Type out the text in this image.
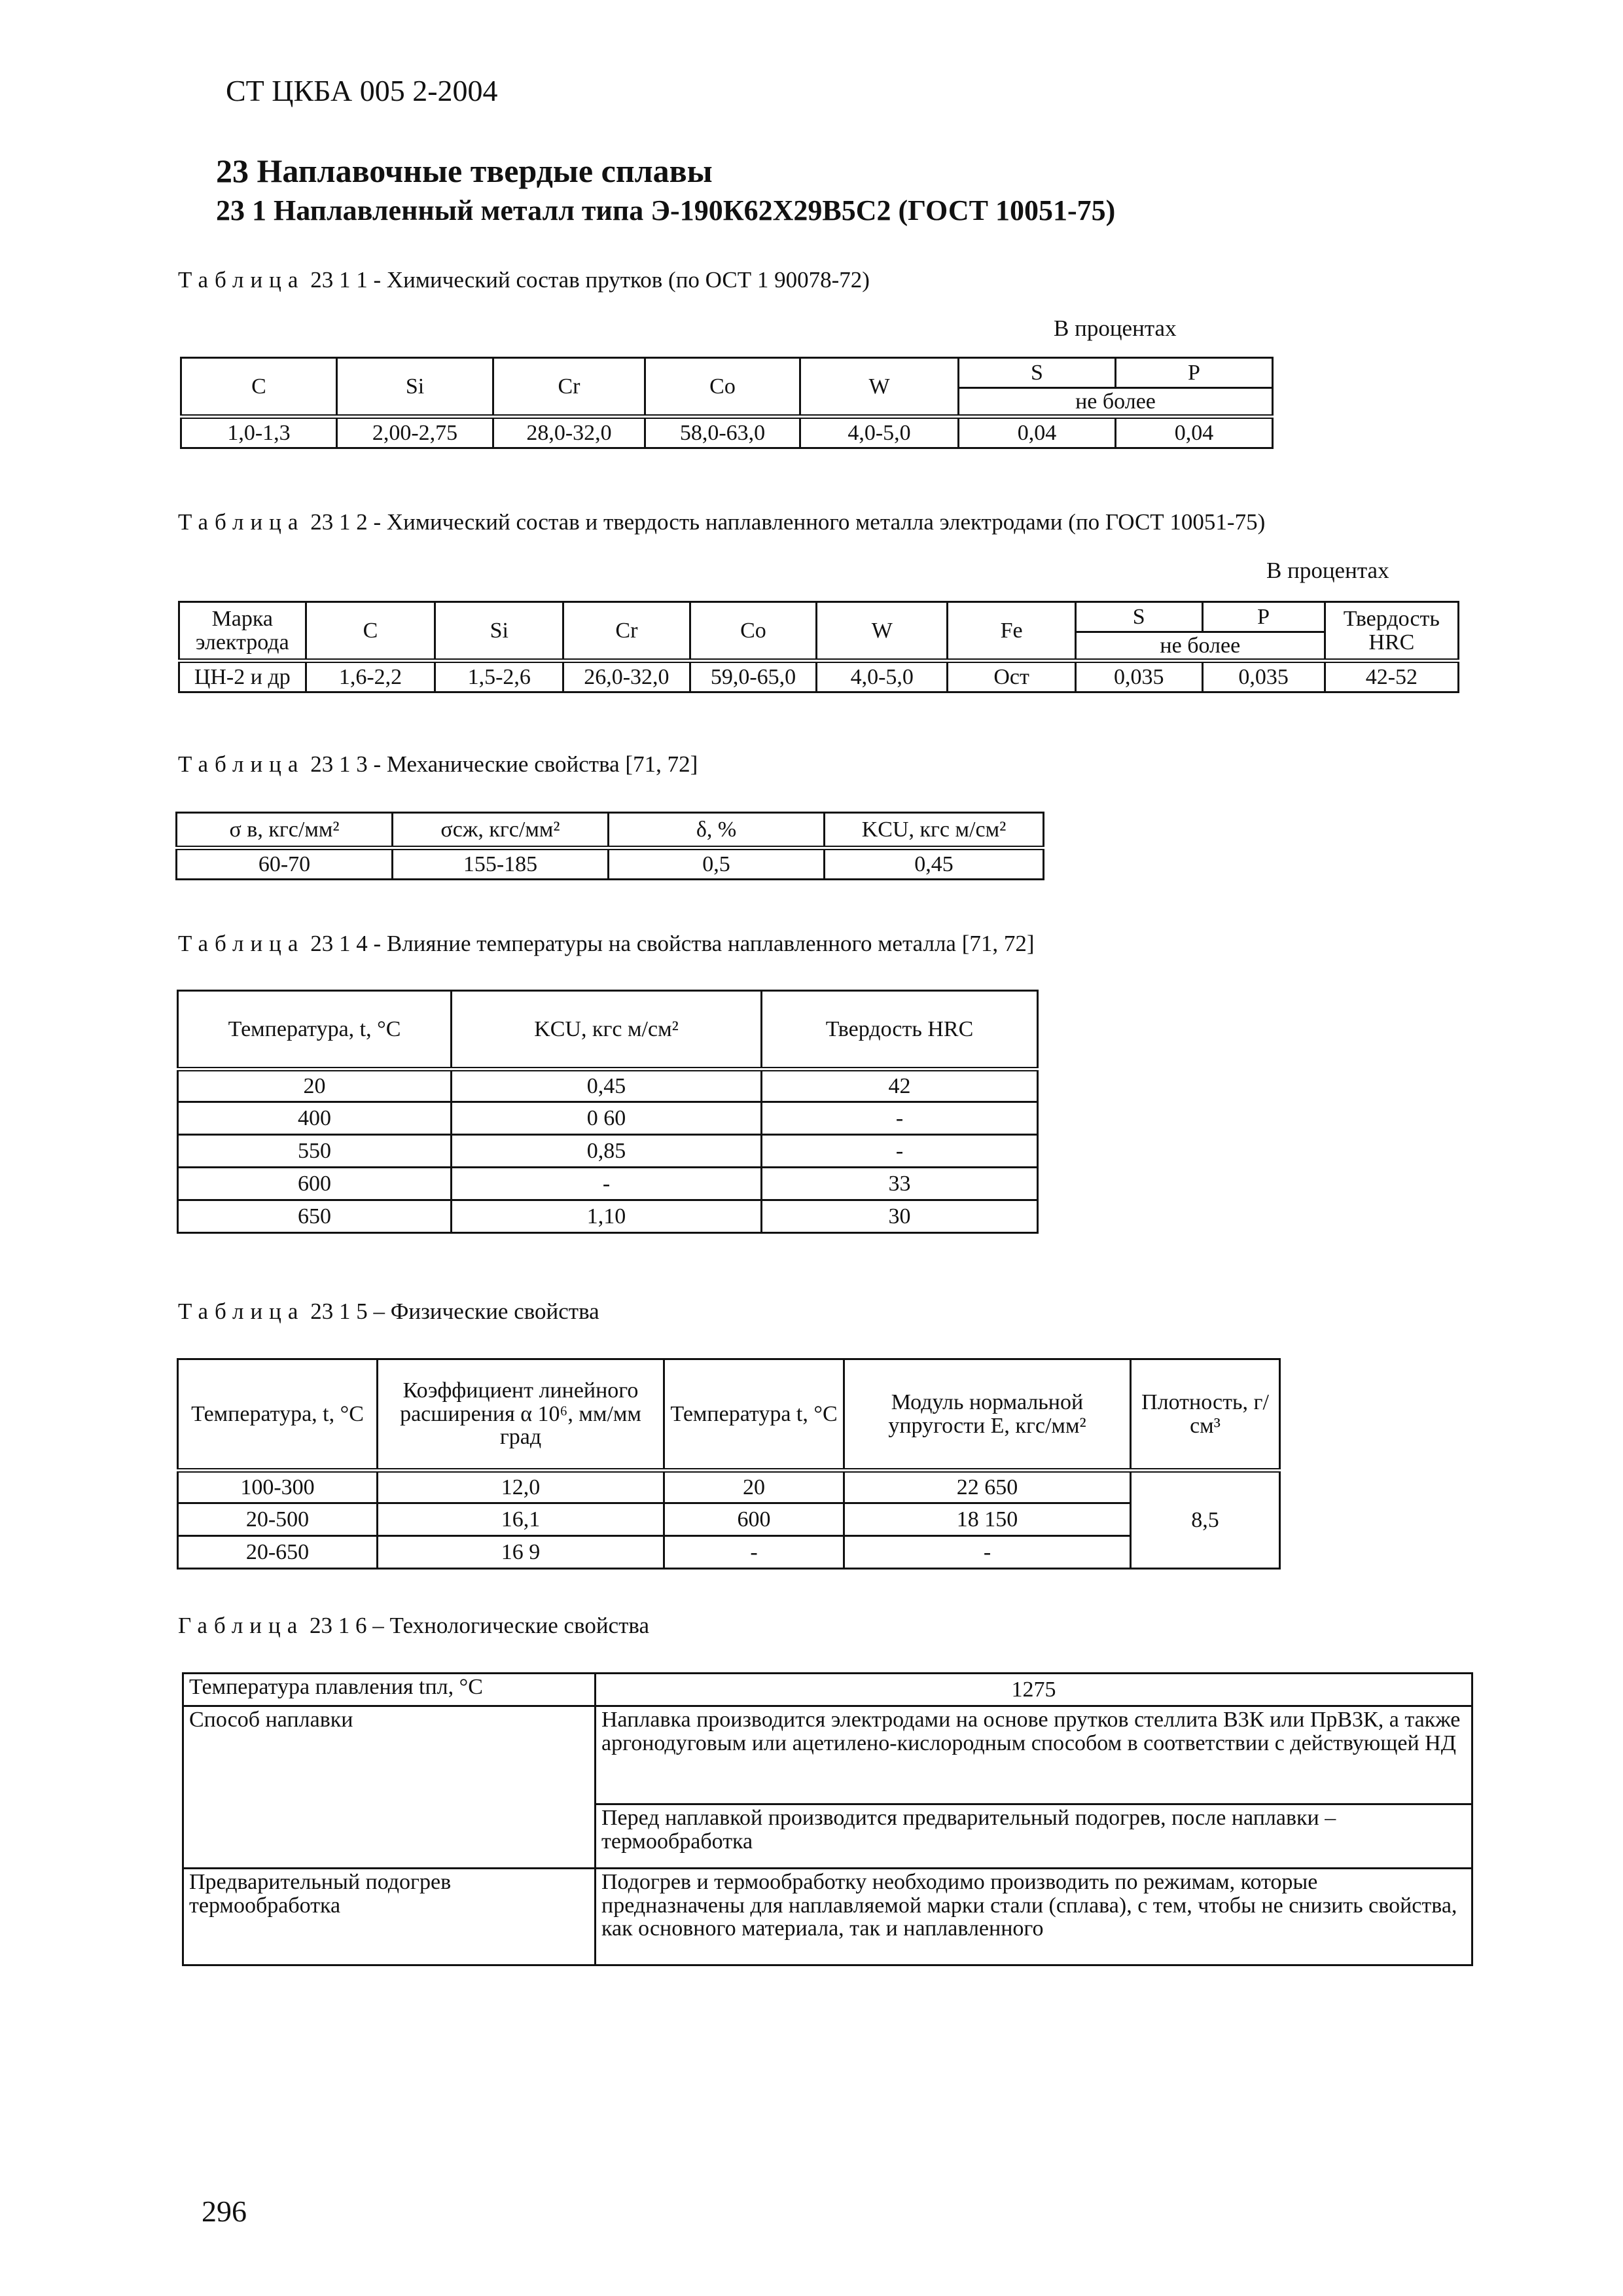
СТ ЦКБА 005 2-2004
23 Наплавочные твердые сплавы
23 1 Наплавленный металл типа Э-190К62Х29В5С2 (ГОСТ 10051-75)
Таблица 23 1 1 - Химический состав прутков (по ОСТ 1 90078-72)
В процентах
C	Si	Cr	Co	W	S	P
					не более	
1,0-1,3	2,00-2,75	28,0-32,0	58,0-63,0	4,0-5,0	0,04	0,04
Таблица 23 1 2 - Химический состав и твердость наплавленного металла электродами (по ГОСТ 10051-75)
В процентах
Марка электрода	C	Si	Cr	Co	W	Fe	S	P	Твердость HRC
							не более		
ЦН-2 и др	1,6-2,2	1,5-2,6	26,0-32,0	59,0-65,0	4,0-5,0	Ост	0,035	0,035	42-52
Таблица 23 1 3 - Механические свойства [71, 72]
σ в, кгс/мм²	σсж, кгс/мм²	δ, %	KCU, кгс м/см²
60-70	155-185	0,5	0,45
Таблица 23 1 4 - Влияние температуры на свойства наплавленного металла [71, 72]
Температура, t, °С	KCU, кгс м/см²	Твердость HRC
20	0,45	42
400	0 60	-
550	0,85	-
600	-	33
650	1,10	30
Таблица 23 1 5 – Физические свойства
Температура, t, °С	Коэффициент линейного расширения α 10⁶, мм/мм град	Температура t, °С	Модуль нормальной упругости Е, кгс/мм²	Плотность, г/см³
100-300	12,0	20	22 650	8,5
20-500	16,1	600	18 150	
20-650	16 9	-	-	
Габлица 23 1 6 – Технологические свойства
Температура плавления tпл, °С	1275
Способ наплавки	Наплавка производится электродами на основе прутков стеллита В3К или ПрВ3К, а также аргонодуговым или ацетилено-кислородным способом в соответствии с действующей НД
	Перед наплавкой производится предварительный подогрев, после наплавки – термообработка
Предварительный подогрев термообработка	Подогрев и термообработку необходимо производить по режимам, которые предназначены для наплавляемой марки стали (сплава), с тем, чтобы не снизить свойства, как основного материала, так и наплавленного
296
